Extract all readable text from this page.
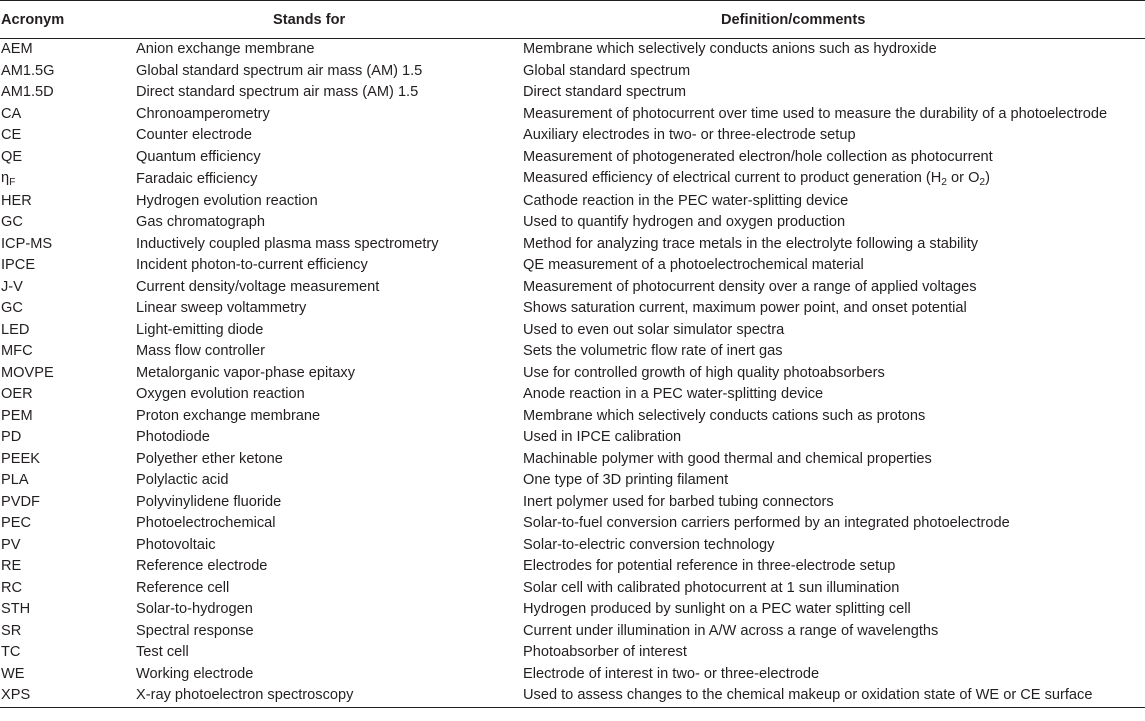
Acronym	Stands for	Definition/comments
AEM	Anion exchange membrane	Membrane which selectively conducts anions such as hydroxide
AM1.5G	Global standard spectrum air mass (AM) 1.5	Global standard spectrum
AM1.5D	Direct standard spectrum air mass (AM) 1.5	Direct standard spectrum
CA	Chronoamperometry	Measurement of photocurrent over time used to measure the durability of a photoelectrode
CE	Counter electrode	Auxiliary electrodes in two- or three-electrode setup
QE	Quantum efficiency	Measurement of photogenerated electron/hole collection as photocurrent
$\eta_F$	Faradaic efficiency	Measured efficiency of electrical current to product generation ($H_2$ or $O_2$)
HER	Hydrogen evolution reaction	Cathode reaction in the PEC water-splitting device
GC	Gas chromatograph	Used to quantify hydrogen and oxygen production
ICP-MS	Inductively coupled plasma mass spectrometry	Method for analyzing trace metals in the electrolyte following a stability
IPCE	Incident photon-to-current efficiency	QE measurement of a photoelectrochemical material
J-V	Current density/voltage measurement	Measurement of photocurrent density over a range of applied voltages
GC	Linear sweep voltammetry	Shows saturation current, maximum power point, and onset potential
LED	Light-emitting diode	Used to even out solar simulator spectra
MFC	Mass flow controller	Sets the volumetric flow rate of inert gas
MOVPE	Metalorganic vapor-phase epitaxy	Use for controlled growth of high quality photoabsorbers
OER	Oxygen evolution reaction	Anode reaction in a PEC water-splitting device
PEM	Proton exchange membrane	Membrane which selectively conducts cations such as protons
PD	Photodiode	Used in IPCE calibration
PEEK	Polyether ether ketone	Machinable polymer with good thermal and chemical properties
PLA	Polylactic acid	One type of 3D printing filament
PVDF	Polyvinylidene fluoride	Inert polymer used for barbed tubing connectors
PEC	Photoelectrochemical	Solar-to-fuel conversion carriers performed by an integrated photoelectrode
PV	Photovoltaic	Solar-to-electric conversion technology
RE	Reference electrode	Electrodes for potential reference in three-electrode setup
RC	Reference cell	Solar cell with calibrated photocurrent at 1 sun illumination
STH	Solar-to-hydrogen	Hydrogen produced by sunlight on a PEC water splitting cell
SR	Spectral response	Current under illumination in A/W across a range of wavelengths
TC	Test cell	Photoabsorber of interest
WE	Working electrode	Electrode of interest in two- or three-electrode
XPS	X-ray photoelectron spectroscopy	Used to assess changes to the chemical makeup or oxidation state of WE or CE surface
